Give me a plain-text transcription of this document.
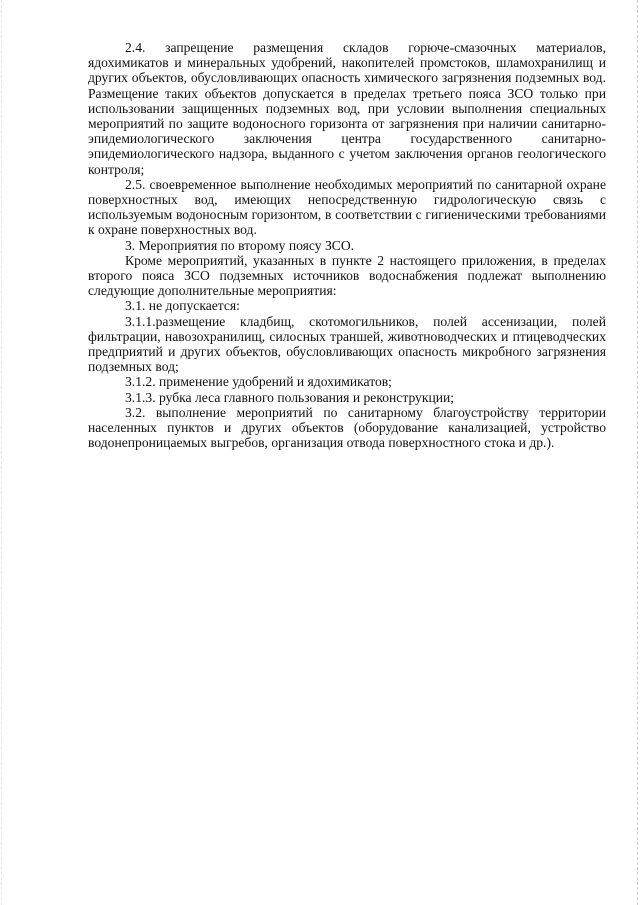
2.4. запрещение размещения складов горюче-смазочных материалов, ядохимикатов и минеральных удобрений, накопителей промстоков, шламохранилищ и других объектов, обусловливающих опасность химического загрязнения подземных вод. Размещение таких объектов допускается в пределах третьего пояса ЗСО только при использовании защищенных подземных вод, при условии выполнения специальных мероприятий по защите водоносного горизонта от загрязнения при наличии санитарно-эпидемиологического заключения центра государственного санитарно-эпидемиологического надзора, выданного с учетом заключения органов геологического контроля;

2.5. своевременное выполнение необходимых мероприятий по санитарной охране поверхностных вод, имеющих непосредственную гидрологическую связь с используемым водоносным горизонтом, в соответствии с гигиеническими требованиями к охране поверхностных вод.

3. Мероприятия по второму поясу ЗСО.

Кроме мероприятий, указанных в пункте 2 настоящего приложения, в пределах второго пояса ЗСО подземных источников водоснабжения подлежат выполнению следующие дополнительные мероприятия:

3.1. не допускается:

3.1.1.размещение кладбищ, скотомогильников, полей ассенизации, полей фильтрации, навозохранилищ, силосных траншей, животноводческих и птицеводческих предприятий и других объектов, обусловливающих опасность микробного загрязнения подземных вод;

3.1.2. применение удобрений и ядохимикатов;

3.1.3. рубка леса главного пользования и реконструкции;

3.2. выполнение мероприятий по санитарному благоустройству территории населенных пунктов и других объектов (оборудование канализацией, устройство водонепроницаемых выгребов, организация отвода поверхностного стока и др.).
